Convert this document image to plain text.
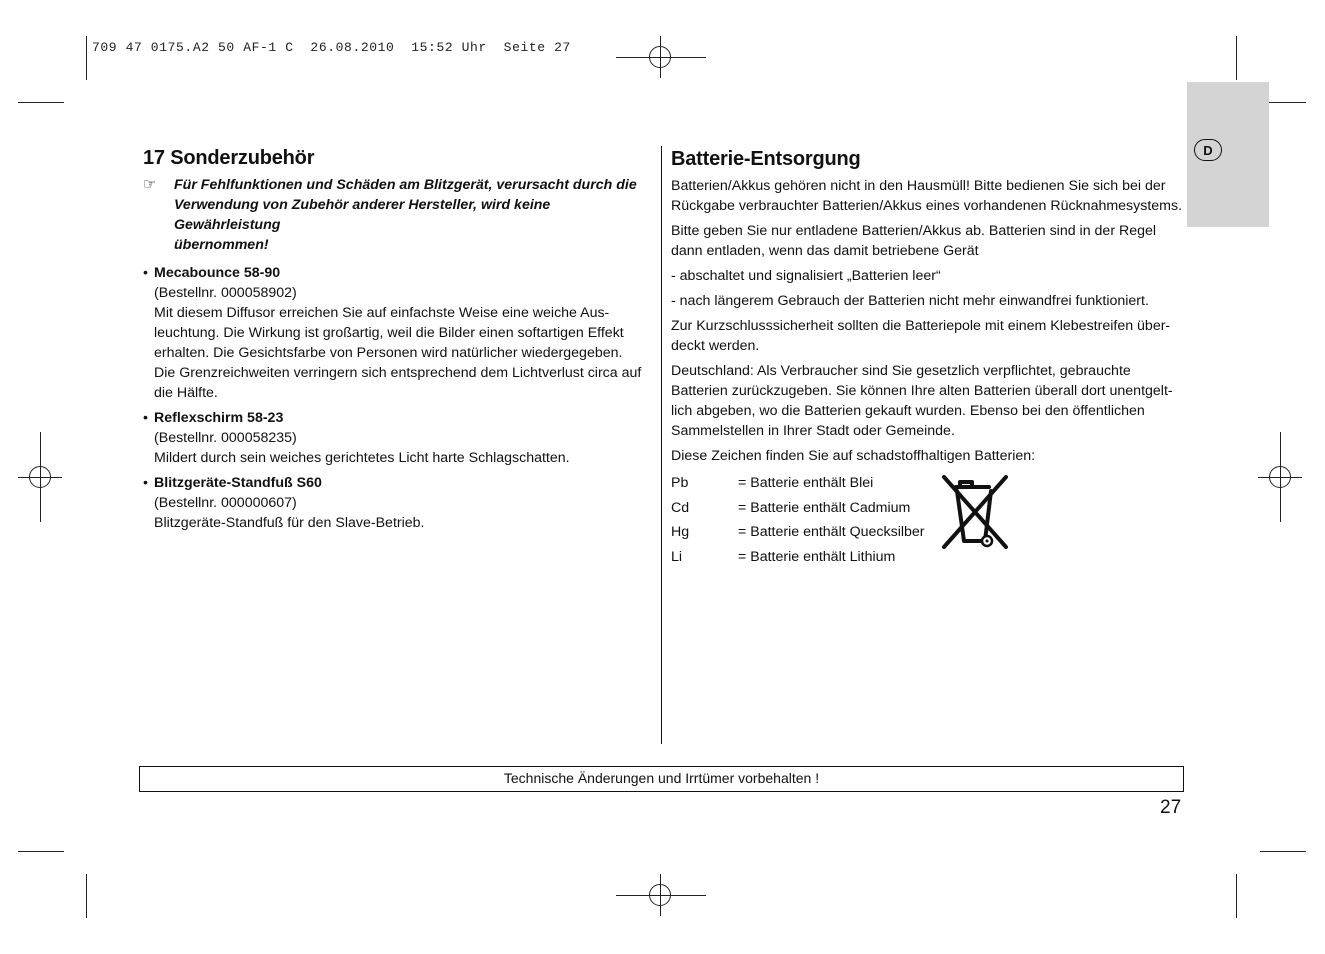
709 47 0175.A2 50 AF-1 C  26.08.2010  15:52 Uhr  Seite 27
D
17 Sonderzubehör
☞	Für Fehlfunktionen und Schäden am Blitzgerät, verursacht durch die
Verwendung von Zubehör anderer Hersteller, wird keine Gewährleistung
übernommen!
• Mecabounce 58-90
(Bestellnr. 000058902)
Mit diesem Diffusor erreichen Sie auf einfachste Weise eine weiche Aus-
leuchtung. Die Wirkung ist großartig, weil die Bilder einen softartigen Effekt
erhalten. Die Gesichtsfarbe von Personen wird natürlicher wiedergegeben.
Die Grenzreichweiten verringern sich entsprechend dem Lichtverlust circa auf
die Hälfte.
• Reflexschirm 58-23
(Bestellnr. 000058235)
Mildert durch sein weiches gerichtetes Licht harte Schlagschatten.
• Blitzgeräte-Standfuß S60
(Bestellnr. 000000607)
Blitzgeräte-Standfuß für den Slave-Betrieb.
Batterie-Entsorgung

Batterien/Akkus gehören nicht in den Hausmüll! Bitte bedienen Sie sich bei der
Rückgabe verbrauchter Batterien/Akkus eines vorhandenen Rücknahmesystems.

Bitte geben Sie nur entladene Batterien/Akkus ab. Batterien sind in der Regel
dann entladen, wenn das damit betriebene Gerät

- abschaltet und signalisiert „Batterien leer“

- nach längerem Gebrauch der Batterien nicht mehr einwandfrei funktioniert.

Zur Kurzschlusssicherheit sollten die Batteriepole mit einem Klebestreifen über-
deckt werden.

Deutschland: Als Verbraucher sind Sie gesetzlich verpflichtet, gebrauchte
Batterien zurückzugeben. Sie können Ihre alten Batterien überall dort unentgelt-
lich abgeben, wo die Batterien gekauft wurden. Ebenso bei den öffentlichen
Sammelstellen in Ihrer Stadt oder Gemeinde.

Diese Zeichen finden Sie auf schadstoffhaltigen Batterien:

Pb	= Batterie enthält Blei
Cd	= Batterie enthält Cadmium
Hg	= Batterie enthält Quecksilber
Li	= Batterie enthält Lithium
Technische Änderungen und Irrtümer vorbehalten !
27
